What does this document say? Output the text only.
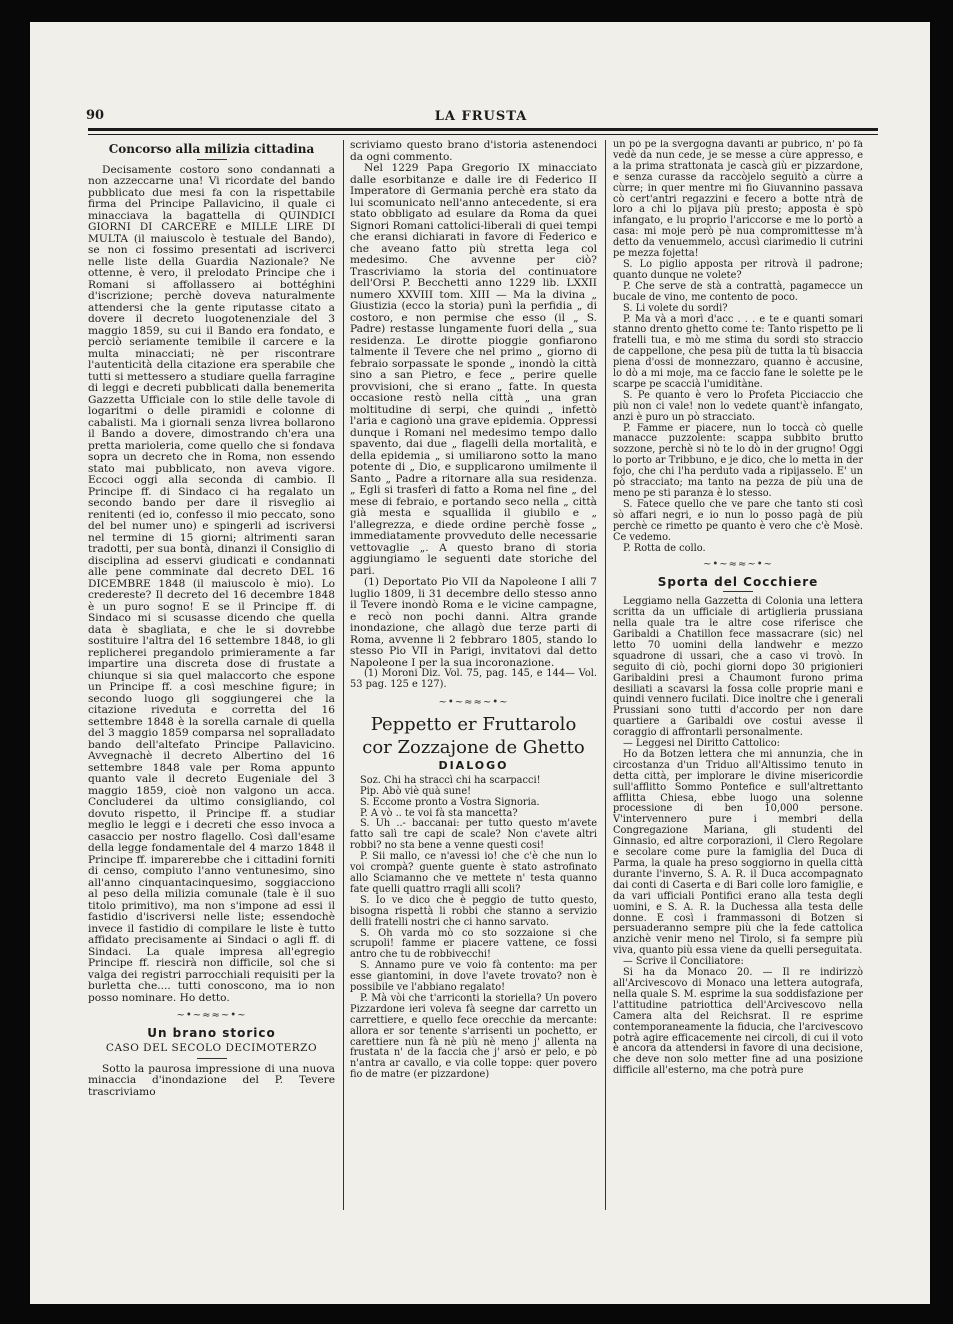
90	LA FRUSTA
Concorso alla milizia cittadina

Decisamente costoro sono condannati a non azzeccarne una! Vi ricordate del bando pubblicato due mesi fa con la rispettabile firma del Principe Pallavicino, il quale ci minacciava la bagattella di QUINDICI GIORNI DI CARCERE e MILLE LIRE DI MULTA (il maiuscolo è testuale del Bando), se non ci fossimo presentati ad iscriverci nelle liste della Guardia Nazionale? Ne ottenne, è vero, il prelodato Principe che i Romani si affollassero ai bottéghini d'iscrizione; perchè doveva naturalmente attendersi che la gente riputasse citato a dovere il decreto luogotenenziale del 3 maggio 1859, su cui il Bando era fondato, e perciò seriamente temibile il carcere e la multa minacciati; nè per riscontrare l'autenticità della citazione era sperabile che tutti si mettessero a studiare quella farragine di leggi e decreti pubblicati dalla benemerita Gazzetta Ufficiale con lo stile delle tavole di logaritmi o delle piramidi e colonne di cabalisti. Ma i giornali senza livrea bollarono il Bando a dovere, dimostrando ch'era una pretta marioleria, come quello che si fondava sopra un decreto che in Roma, non essendo stato mai pubblicato, non aveva vigore. Eccoci oggi alla seconda di cambio. Il Principe ff. di Sindaco ci ha regalato un secondo bando per dare il risveglio ai renitenti (ed io, confesso il mio peccato, sono del bel numer uno) e spingerli ad iscriversi nel termine di 15 giorni; altrimenti saran tradotti, per sua bontà, dinanzi il Consiglio di disciplina ad esservi giudicati e condannati alle pene comminate dal decreto DEL 16 DICEMBRE 1848 (il maiuscolo è mio). Lo credereste? Il decreto del 16 decembre 1848 è un puro sogno! E se il Principe ff. di Sindaco mi si scusasse dicendo che quella data è sbagliata, e che le si dovrebbe sostituire l'altra del 16 settembre 1848, io gli replicherei pregandolo primieramente a far impartire una discreta dose di frustate a chiunque si sia quel malaccorto che espone un Principe ff. a così meschine figure; in secondo luogo gli soggiungerei che la citazione riveduta e corretta del 16 settembre 1848 è la sorella carnale di quella del 3 maggio 1859 comparsa nel sopralladato bando dell'altefato Principe Pallavicino. Avvegnachè il decreto Albertino del 16 settembre 1848 vale per Roma appunto quanto vale il decreto Eugeniale del 3 maggio 1859, cioè non valgono un acca. Concluderei da ultimo consigliando, col dovuto rispetto, il Principe ff. a studiar meglio le leggi e i decreti che esso invoca a casaccio per nostro flagello. Così dall'esame della legge fondamentale del 4 marzo 1848 il Principe ff. imparerebbe che i cittadini forniti di censo, compiuto l'anno ventunesimo, sino all'anno cinquantacinquesimo, soggiacciono al peso della milizia comunale (tale è il suo titolo primitivo), ma non s'impone ad essi il fastidio d'iscriversi nelle liste; essendochè invece il fastidio di compilare le liste è tutto affidato precisamente ai Sindaci o agli ff. di Sindaci. La quale impresa all'egregio Principe ff. riescirà non difficile, sol che si valga dei registri parrocchiali requisiti per la burletta che.... tutti conoscono, ma io non posso nominare. Ho detto.

~•~≈≈~•~
Un brano storico
CASO DEL SECOLO DECIMOTERZO

Sotto la paurosa impressione di una nuova minaccia d'inondazione del P. Tevere trascriviamo

scriviamo questo brano d'istoria astenendoci da ogni commento.

Nel 1229 Papa Gregorio IX minacciato dalle esorbitanze e dalle ire di Federico II Imperatore di Germania perchè era stato da lui scomunicato nell'anno antecedente, si era stato obbligato ad esulare da Roma da quei Signori Romani cattolici-liberali di quei tempi che eransi dichiarati in favore di Federico e che aveano fatto più stretta lega col medesimo. Che avvenne per ciò? Trascriviamo la storia del continuatore dell'Orsi P. Becchetti anno 1229 lib. LXXII numero XXVIII tom. XIII — Ma la divina „ Giustizia (ecco la storia) punì la perfidia „ di costoro, e non permise che esso (il „ S. Padre) restasse lungamente fuori della „ sua residenza. Le dirotte pioggie gonfiarono talmente il Tevere che nel primo „ giorno di febraio sorpassate le sponde „ inondò la città sino a san Pietro, e fece „ perire quelle provvisioni, che si erano „ fatte. In questa occasione restò nella città „ una gran moltitudine di serpi, che quindi „ infettò l'aria e cagionò una grave epidemia. Oppressi dunque i Romani nel medesimo tempo dallo spavento, dai due „ flagelli della mortalità, e della epidemia „ si umiliarono sotto la mano potente di „ Dio, e supplicarono umilmente il Santo „ Padre a ritornare alla sua residenza. „ Egli si trasferì di fatto a Roma nel fine „ del mese di febraio, e portando seco nella „ città già mesta e squallida il giubilo e „ l'allegrezza, e diede ordine perchè fosse „ immediatamente provveduto delle necessarie vettovaglie „. A questo brano di storia aggiungiamo le seguenti date storiche del pari.

(1) Deportato Pio VII da Napoleone I alli 7 luglio 1809, li 31 decembre dello stesso anno il Tevere inondò Roma e le vicine campagne, e recò non pochi danni. Altra grande inondazione, che allagò due terze parti di Roma, avvenne li 2 febbraro 1805, stando lo stesso Pio VII in Parigi, invitatovi dal detto Napoleone I per la sua incoronazione.

(1) Moroni Diz. Vol. 75, pag. 145, e 144— Vol. 53 pag. 125 e 127).

~•~≈≈~•~
Peppetto er Fruttarolo
cor Zozzajone de Ghetto
DIALOGO

Soz. Chi ha straccì chi ha scarpacci!

Pip. Abò viè quà sune!

S. Eccome pronto a Vostra Signoria.

P. A vò .. te voi fà sta mancetta?

S. Uh ..- baccanai: per tutto questo m'avete fatto salì tre capi de scale? Non c'avete altri robbi? no sta bene a venne questi cosi!

P. Sii mallo, ce n'avessi io! che c'è che nun lo voi crompà? guente guente è stato astrofinato allo Sciamanno che ve mettete n' testa quanno fate quelli quattro rragli alli scoli?

S. Io ve dico che è peggio de tutto questo, bisogna rispettà li robbi che stanno a servizio delli fratelli nostri che ci hanno sarvato.

S. Oh varda mò co sto sozzaione si che scrupoli! famme er piacere vattene, ce fossi antro che tu de robbivecchi!

S. Annamo pure ve voio fà contento: ma per esse giantomini, in dove l'avete trovato? non è possibile ve l'abbiano regalato!

P. Mà vòi che t'arriconti la storiella? Un povero Pizzardone ieri voleva fà seegne dar carretto un carrettiere, e quello fece orecchie da mercante: allora er sor tenente s'arrisenti un pochetto, er carettiere nun fà nè più nè meno j' allenta na frustata n' de la faccia che j' arsò er pelo, e pò n'antra ar cavallo, e via colle toppe: quer povero fio de matre (er pizzardone)

un pò pe la svergogna davanti ar pubrico, n' pò fà vedè da nun cede, je se messe a cùre appresso, e a la prima strattonata je cascà giù er pizzardone, e senza curasse da raccòjelo seguitò a cùrre a cùrre; in quer mentre mi fio Giuvannino passava cò cert'antri regazzini e fecero a botte ntrà de loro a chi lo pijava più presto; apposta è spò infangato, e lu proprio l'ariccorse e me lo portò a casa: mi moje però pè nua compromittesse m'à detto da venuemmelo, accusì ciarimedio li cutrini pe mezza fojetta!

S. Lo piglio apposta per ritrovà il padrone; quanto dunque ne volete?

P. Che serve de stà a contrattà, pagamecce un bucale de vino, me contento de poco.

S. Li volete du sordi?

P. Ma và a morì d'acc . . . e te e quanti somari stanno drento ghetto come te: Tanto rispetto pe li fratelli tua, e mò me stima du sordi sto straccio de cappellone, che pesa più de tutta la tù bisaccia piena d'ossi de monnezzaro, quanno è accusine, lo dò a mi moje, ma ce faccio fane le solette pe le scarpe pe scaccià l'umiditàne.

S. Pe quanto è vero lo Profeta Picciaccio che più non ci vale! non lo vedete quant'è infangato, anzi è puro un pò stracciato.

P. Famme er piacere, nun lo toccà cò quelle manacce puzzolente: scappa subbito brutto sozzone, perchè si nò te lo dò in der grugno! Oggi lo porto ar Tribbuno, e je dico, che lo metta in der fojo, che chi l'ha perduto vada a ripijasselo. E' un pò stracciato; ma tanto na pezza de più una de meno pe sti paranza è lo stesso.

S. Fatece quello che ve pare che tanto sti così sò affari negri, e io nun lo posso pagà de più perchè ce rimetto pe quanto è vero che c'è Mosè. Ce vedemo.

P. Rotta de collo.

~•~≈≈~•~
Sporta del Cocchiere

Leggiamo nella Gazzetta di Colonia una lettera scritta da un ufficiale di artiglieria prussiana nella quale tra le altre cose riferisce che Garibaldi a Chatillon fece massacrare (sic) nel letto 70 uomini della landwehr e mezzo squadrone di ussari, che a caso vi trovò. In seguito di ciò, pochi giorni dopo 30 prigionieri Garibaldini presi a Chaumont furono prima desiliati a scavarsi la fossa colle proprie mani e quindi vennero fucilati. Dice inoltre che i generali Prussiani sono tutti d'accordo per non dare quartiere a Garibaldi ove costui avesse il coraggio di affrontarli personalmente.

— Leggesi nel Diritto Cattolico:

Ho da Botzen lettera che mi annunzia, che in circostanza d'un Triduo all'Altissimo tenuto in detta città, per implorare le divine misericordie sull'afflitto Sommo Pontefice e sull'altrettanto afflitta Chiesa, ebbe luogo una solenne processione di ben 10,000 persone. V'intervennero pure i membri della Congregazione Mariana, gli studenti del Ginnasio, ed altre corporazioni, il Clero Regolare e secolare come pure la famiglia del Duca di Parma, la quale ha preso soggiorno in quella città durante l'inverno, S. A. R. il Duca accompagnato dai conti di Caserta e di Bari colle loro famiglie, e da vari ufficiali Pontifici erano alla testa degli uomini, e S. A. R. la Duchessa alla testa delle donne. E così i frammassoni di Botzen si persuaderanno sempre più che la fede cattolica anzichè venir meno nel Tirolo, si fa sempre più viva, quanto più essa viene da quelli perseguitata.

— Scrive il Conciliatore:

Si ha da Monaco 20. — Il re indirizzò all'Arcivescovo di Monaco una lettera autografa, nella quale S. M. esprime la sua soddisfazione per l'attitudine patriottica dell'Arcivescovo nella Camera alta del Reichsrat. Il re esprime contemporaneamente la fiducia, che l'arcivescovo potrà agire efficacemente nei circoli, di cui il voto è ancora da attendersi in favore di una decisione, che deve non solo metter fine ad una posizione difficile all'esterno, ma che potrà pure
